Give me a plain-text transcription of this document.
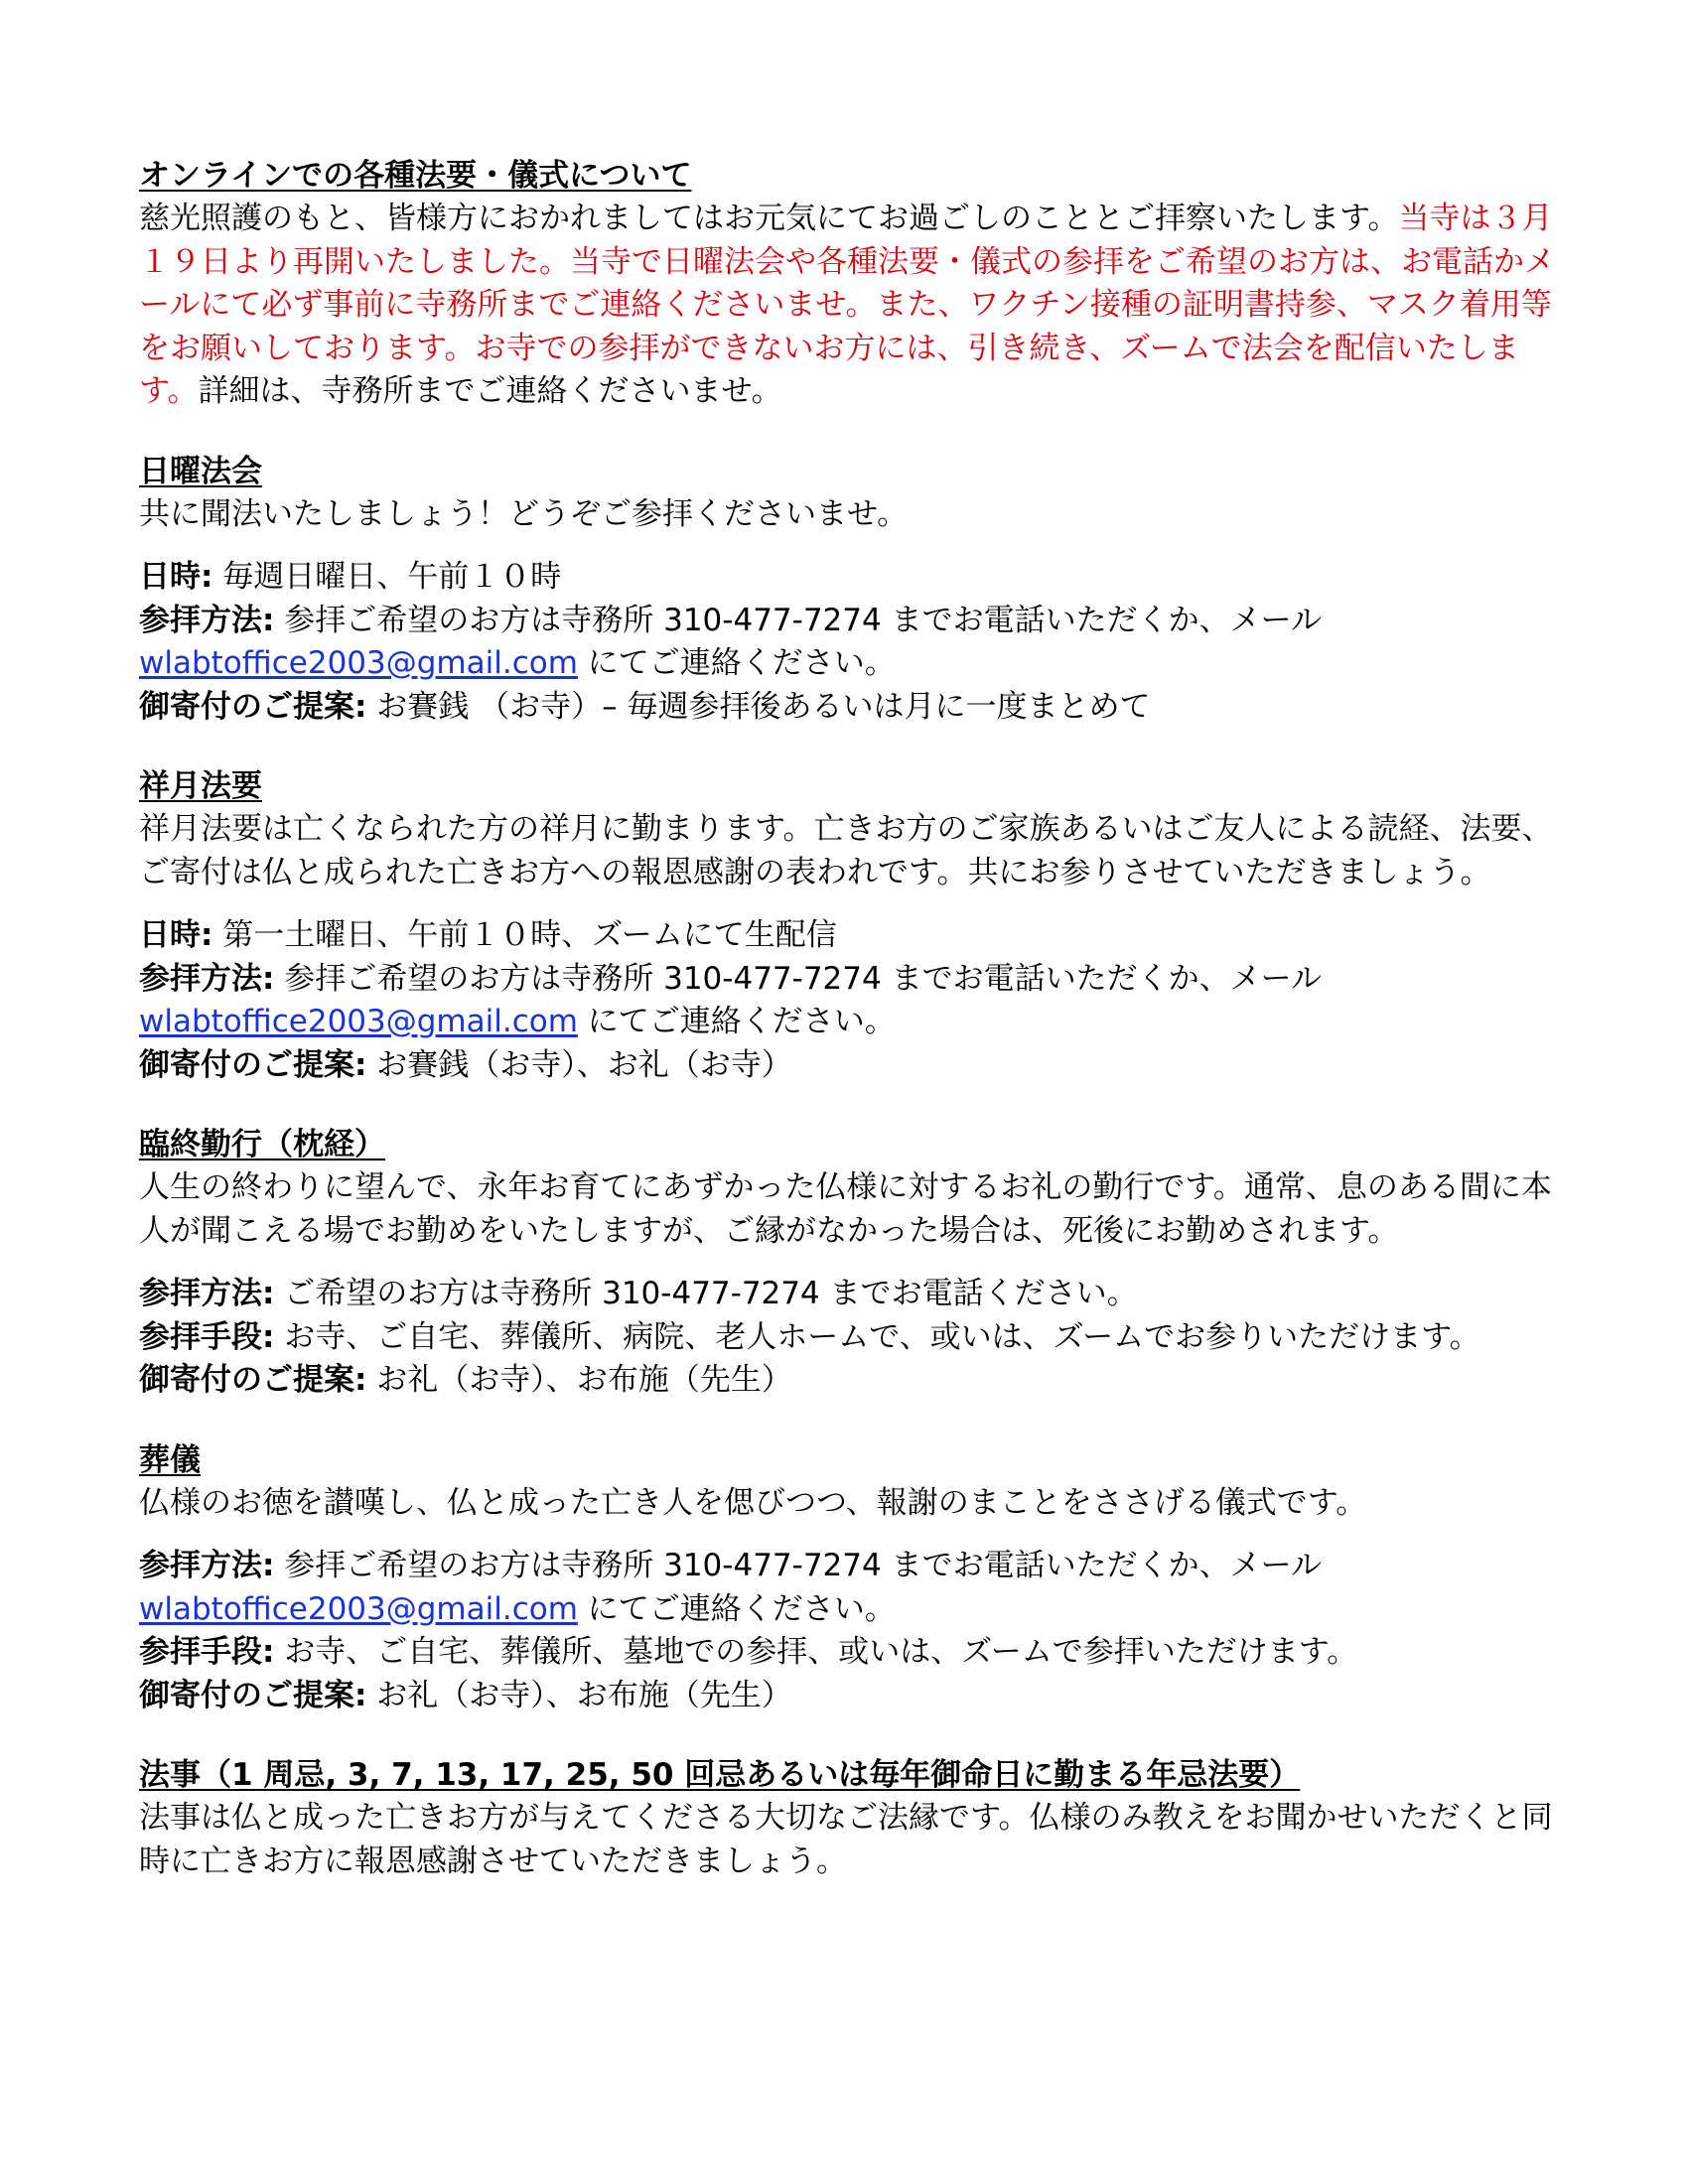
オンラインでの各種法要・儀式について

慈光照護のもと、皆様方におかれましてはお元気にてお過ごしのこととご拝察いたします。当寺は３月１９日より再開いたしました。当寺で日曜法会や各種法要・儀式の参拝をご希望のお方は、お電話かメールにて必ず事前に寺務所までご連絡くださいませ。また、ワクチン接種の証明書持参、マスク着用等をお願いしております。お寺での参拝ができないお方には、引き続き、ズームで法会を配信いたします。詳細は、寺務所までご連絡くださいませ。

日曜法会

共に聞法いたしましょう！どうぞご参拝くださいませ。

日時: 毎週日曜日、午前１０時

参拝方法: 参拝ご希望のお方は寺務所 310-477-7274 までお電話いただくか、メール

wlabtoffice2003@gmail.com にてご連絡ください。

御寄付のご提案: お賽銭 （お寺）– 毎週参拝後あるいは月に一度まとめて

祥月法要

祥月法要は亡くなられた方の祥月に勤まります。亡きお方のご家族あるいはご友人による読経、法要、ご寄付は仏と成られた亡きお方への報恩感謝の表われです。共にお参りさせていただきましょう。

日時: 第一土曜日、午前１０時、ズームにて生配信

参拝方法: 参拝ご希望のお方は寺務所 310-477-7274 までお電話いただくか、メール

wlabtoffice2003@gmail.com にてご連絡ください。

御寄付のご提案: お賽銭（お寺）、お礼（お寺）

臨終勤行（枕経）

人生の終わりに望んで、永年お育てにあずかった仏様に対するお礼の勤行です。通常、息のある間に本人が聞こえる場でお勤めをいたしますが、ご縁がなかった場合は、死後にお勤めされます。

参拝方法: ご希望のお方は寺務所 310-477-7274 までお電話ください。

参拝手段: お寺、ご自宅、葬儀所、病院、老人ホームで、或いは、ズームでお参りいただけます。

御寄付のご提案: お礼（お寺）、お布施（先生）

葬儀

仏様のお徳を讃嘆し、仏と成った亡き人を偲びつつ、報謝のまことをささげる儀式です。

参拝方法: 参拝ご希望のお方は寺務所 310-477-7274 までお電話いただくか、メール

wlabtoffice2003@gmail.com にてご連絡ください。

参拝手段: お寺、ご自宅、葬儀所、墓地での参拝、或いは、ズームで参拝いただけます。

御寄付のご提案: お礼（お寺）、お布施（先生）

法事（1 周忌, 3, 7, 13, 17, 25, 50 回忌あるいは毎年御命日に勤まる年忌法要）

法事は仏と成った亡きお方が与えてくださる大切なご法縁です。仏様のみ教えをお聞かせいただくと同時に亡きお方に報恩感謝させていただきましょう。
